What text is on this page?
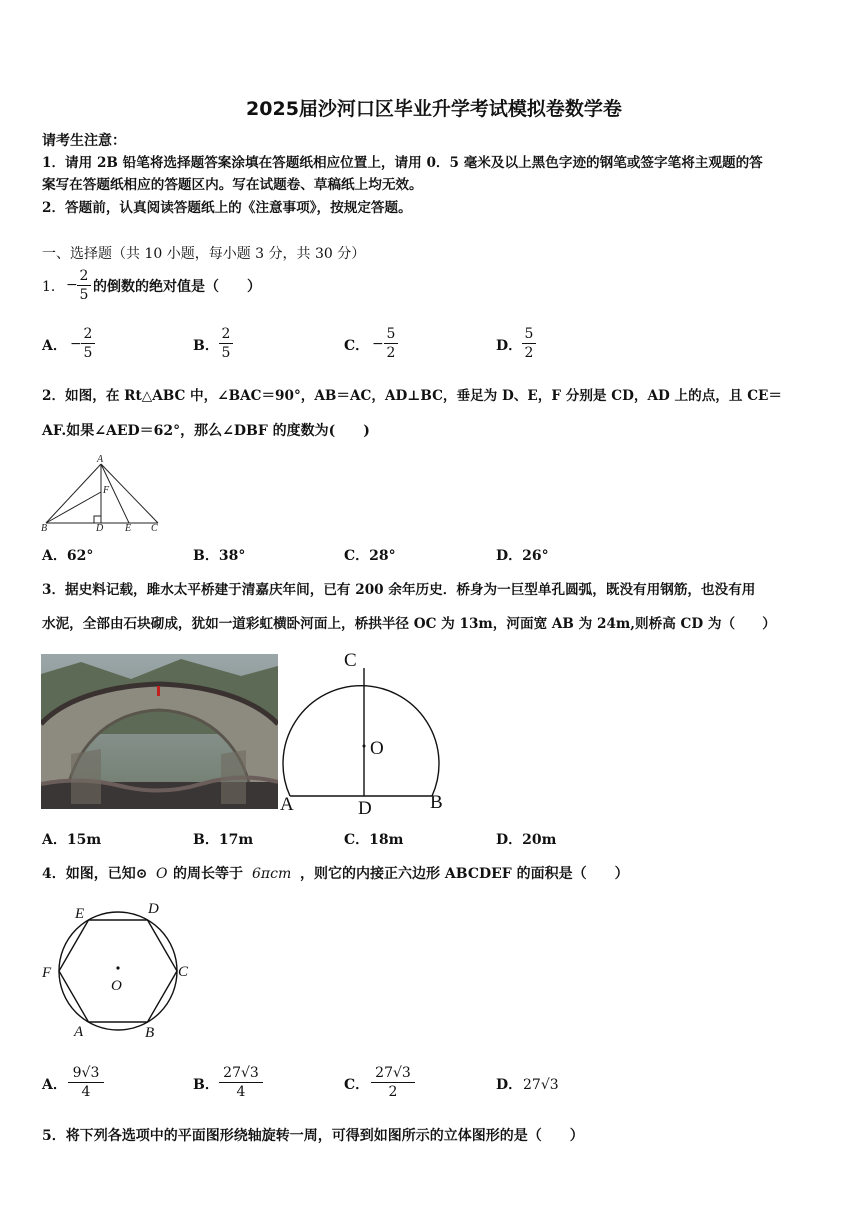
2025届沙河口区毕业升学考试模拟卷数学卷
请考生注意：
1．请用 2B 铅笔将选择题答案涂填在答题纸相应位置上，请用 0．5 毫米及以上黑色字迹的钢笔或签字笔将主观题的答
案写在答题纸相应的答题区内。写在试题卷、草稿纸上均无效。
2．答题前，认真阅读答题纸上的《注意事项》，按规定答题。
一、选择题（共 10 小题，每小题 3 分，共 30 分）
1． − $\frac{2}{5}$ 的倒数的绝对值是（　　）
A． − $\frac{2}{5}$	B． $\frac{2}{5}$	C． − $\frac{5}{2}$	D． $\frac{5}{2}$
2．如图，在 Rt△ABC 中，∠BAC＝90°，AB＝AC，AD⊥BC，垂足为 D、E，F 分别是 CD，AD 上的点，且 CE＝
AF.如果∠AED＝62°，那么∠DBF 的度数为(　　)
A
B	D E C
F
A．62°	B．38°	C．28°	D．26°
3．据史料记载，雎水太平桥建于清嘉庆年间，已有 200 余年历史．桥身为一巨型单孔圆弧，既没有用钢筋，也没有用
水泥，全部由石块砌成，犹如一道彩虹横卧河面上，桥拱半径 OC 为 13m，河面宽 AB 为 24m,则桥高 CD 为（　　）
C
O
A	D	B
A．15m	B．17m	C．18m	D．20m
4．如图，已知⊙ O 的周长等于 6πcm ，则它的内接正六边形 ABCDEF 的面积是（　　）
O
E	D
C
F
A	B
A． $\frac{9√3}{4}$	B． $\frac{27√3}{4}$	C． $\frac{27√3}{2}$	D． 27√3
5．将下列各选项中的平面图形绕轴旋转一周，可得到如图所示的立体图形的是（　　）
